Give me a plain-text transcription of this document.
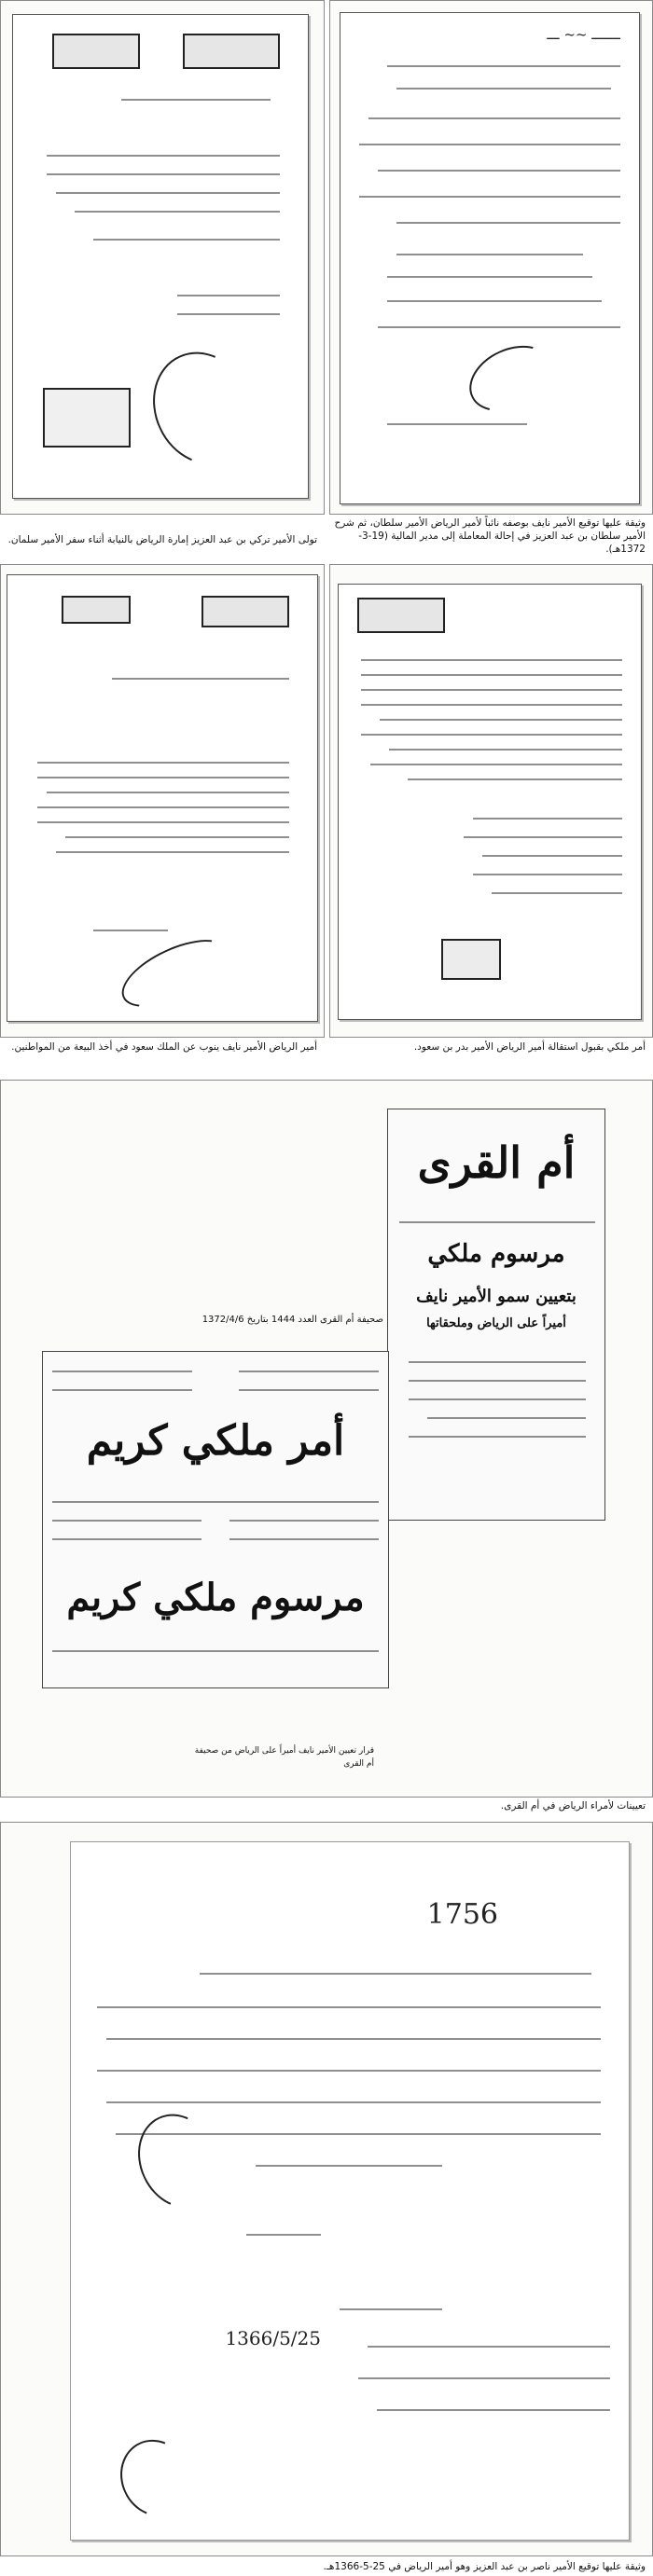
ـــــــ ~~ ـــ
وثيقة عليها توقيع الأمير نايف بوصفه نائباً لأمير الرياض الأمير سلطان، ثم شرح الأمير سلطان بن عبد العزيز في إحالة المعاملة إلى مدير المالية (19-3-1372هـ).
تولى الأمير تركي بن عبد العزيز إمارة الرياض بالنيابة أثناء سفر الأمير سلمان.
أمر ملكي بقبول استقالة أمير الرياض الأمير بدر بن سعود.
أمير الرياض الأمير نايف ينوب عن الملك سعود في أخذ البيعة من المواطنين.
أم القرى
مرسوم ملكي
بتعيين سمو الأمير نايف
أميراً على الرياض وملحقاتها
صحيفة أم القرى العدد 1444 بتاريخ 1372/4/6
أمر ملكي كريم
مرسوم ملكي كريم
قرار تعيين الأمير نايف أميراً على الرياض من صحيفة أم القرى
تعيينات لأمراء الرياض في أم القرى.
1756
1366/5/25
وثيقة عليها توقيع الأمير ناصر بن عبد العزيز وهو أمير الرياض في 25-5-1366هـ.
